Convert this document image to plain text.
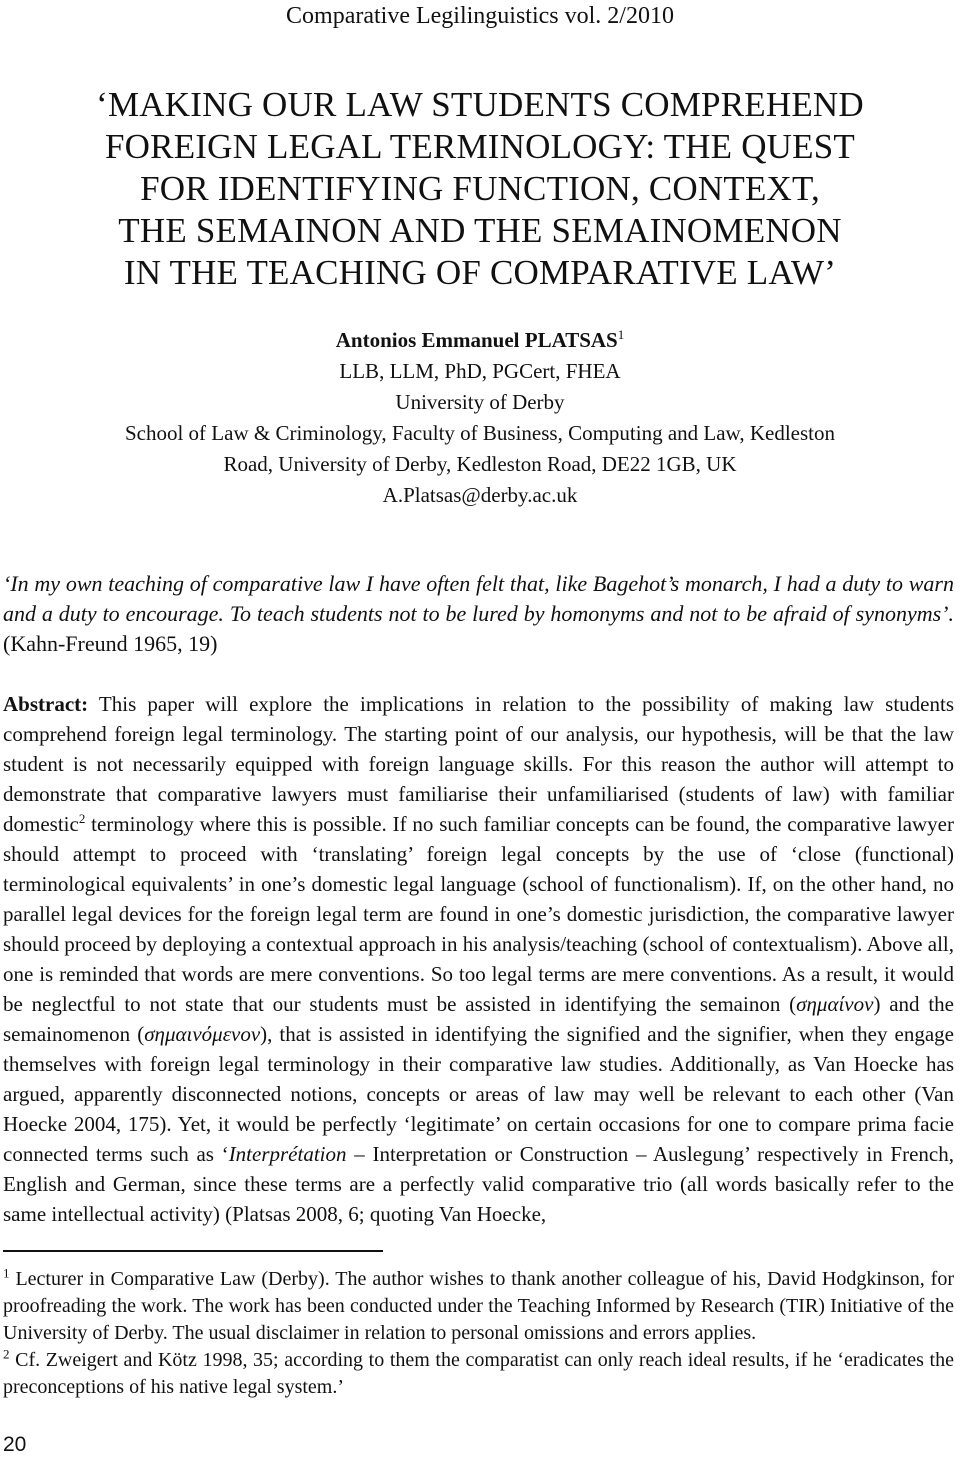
Comparative Legilinguistics vol. 2/2010
‘MAKING OUR LAW STUDENTS COMPREHEND
FOREIGN LEGAL TERMINOLOGY: THE QUEST
FOR IDENTIFYING FUNCTION, CONTEXT,
THE SEMAINON AND THE SEMAINOMENON
IN THE TEACHING OF COMPARATIVE LAW’
Antonios Emmanuel PLATSAS$^1$
LLB, LLM, PhD, PGCert, FHEA
University of Derby
School of Law & Criminology, Faculty of Business, Computing and Law, Kedleston
Road, University of Derby, Kedleston Road, DE22 1GB, UK
A.Platsas@derby.ac.uk

‘In my own teaching of comparative law I have often felt that, like Bagehot’s monarch, I had a duty to warn and a duty to encourage. To teach students not to be lured by homonyms and not to be afraid of synonyms’. (Kahn-Freund 1965, 19)

Abstract: This paper will explore the implications in relation to the possibility of making law students comprehend foreign legal terminology. The starting point of our analysis, our hypothesis, will be that the law student is not necessarily equipped with foreign language skills. For this reason the author will attempt to demonstrate that comparative lawyers must familiarise their unfamiliarised (students of law) with familiar domestic$^2$ terminology where this is possible. If no such familiar concepts can be found, the comparative lawyer should attempt to proceed with ‘translating’ foreign legal concepts by the use of ‘close (functional) terminological equivalents’ in one’s domestic legal language (school of functionalism). If, on the other hand, no parallel legal devices for the foreign legal term are found in one’s domestic jurisdiction, the comparative lawyer should proceed by deploying a contextual approach in his analysis/teaching (school of contextualism). Above all, one is reminded that words are mere conventions. So too legal terms are mere conventions. As a result, it would be neglectful to not state that our students must be assisted in identifying the semainon (σημαίνον) and the semainomenon (σημαινόμενον), that is assisted in identifying the signified and the signifier, when they engage themselves with foreign legal terminology in their comparative law studies. Additionally, as Van Hoecke has argued, apparently disconnected notions, concepts or areas of law may well be relevant to each other (Van Hoecke 2004, 175). Yet, it would be perfectly ‘legitimate’ on certain occasions for one to compare prima facie connected terms such as ‘Interprétation – Interpretation or Construction – Auslegung’ respectively in French, English and German, since these terms are a perfectly valid comparative trio (all words basically refer to the same intellectual activity) (Platsas 2008, 6; quoting Van Hoecke,

$^1$ Lecturer in Comparative Law (Derby). The author wishes to thank another colleague of his, David Hodgkinson, for proofreading the work. The work has been conducted under the Teaching Informed by Research (TIR) Initiative of the University of Derby. The usual disclaimer in relation to personal omissions and errors applies.

$^2$ Cf. Zweigert and Kötz 1998, 35; according to them the comparatist can only reach ideal results, if he ‘eradicates the preconceptions of his native legal system.’

20
